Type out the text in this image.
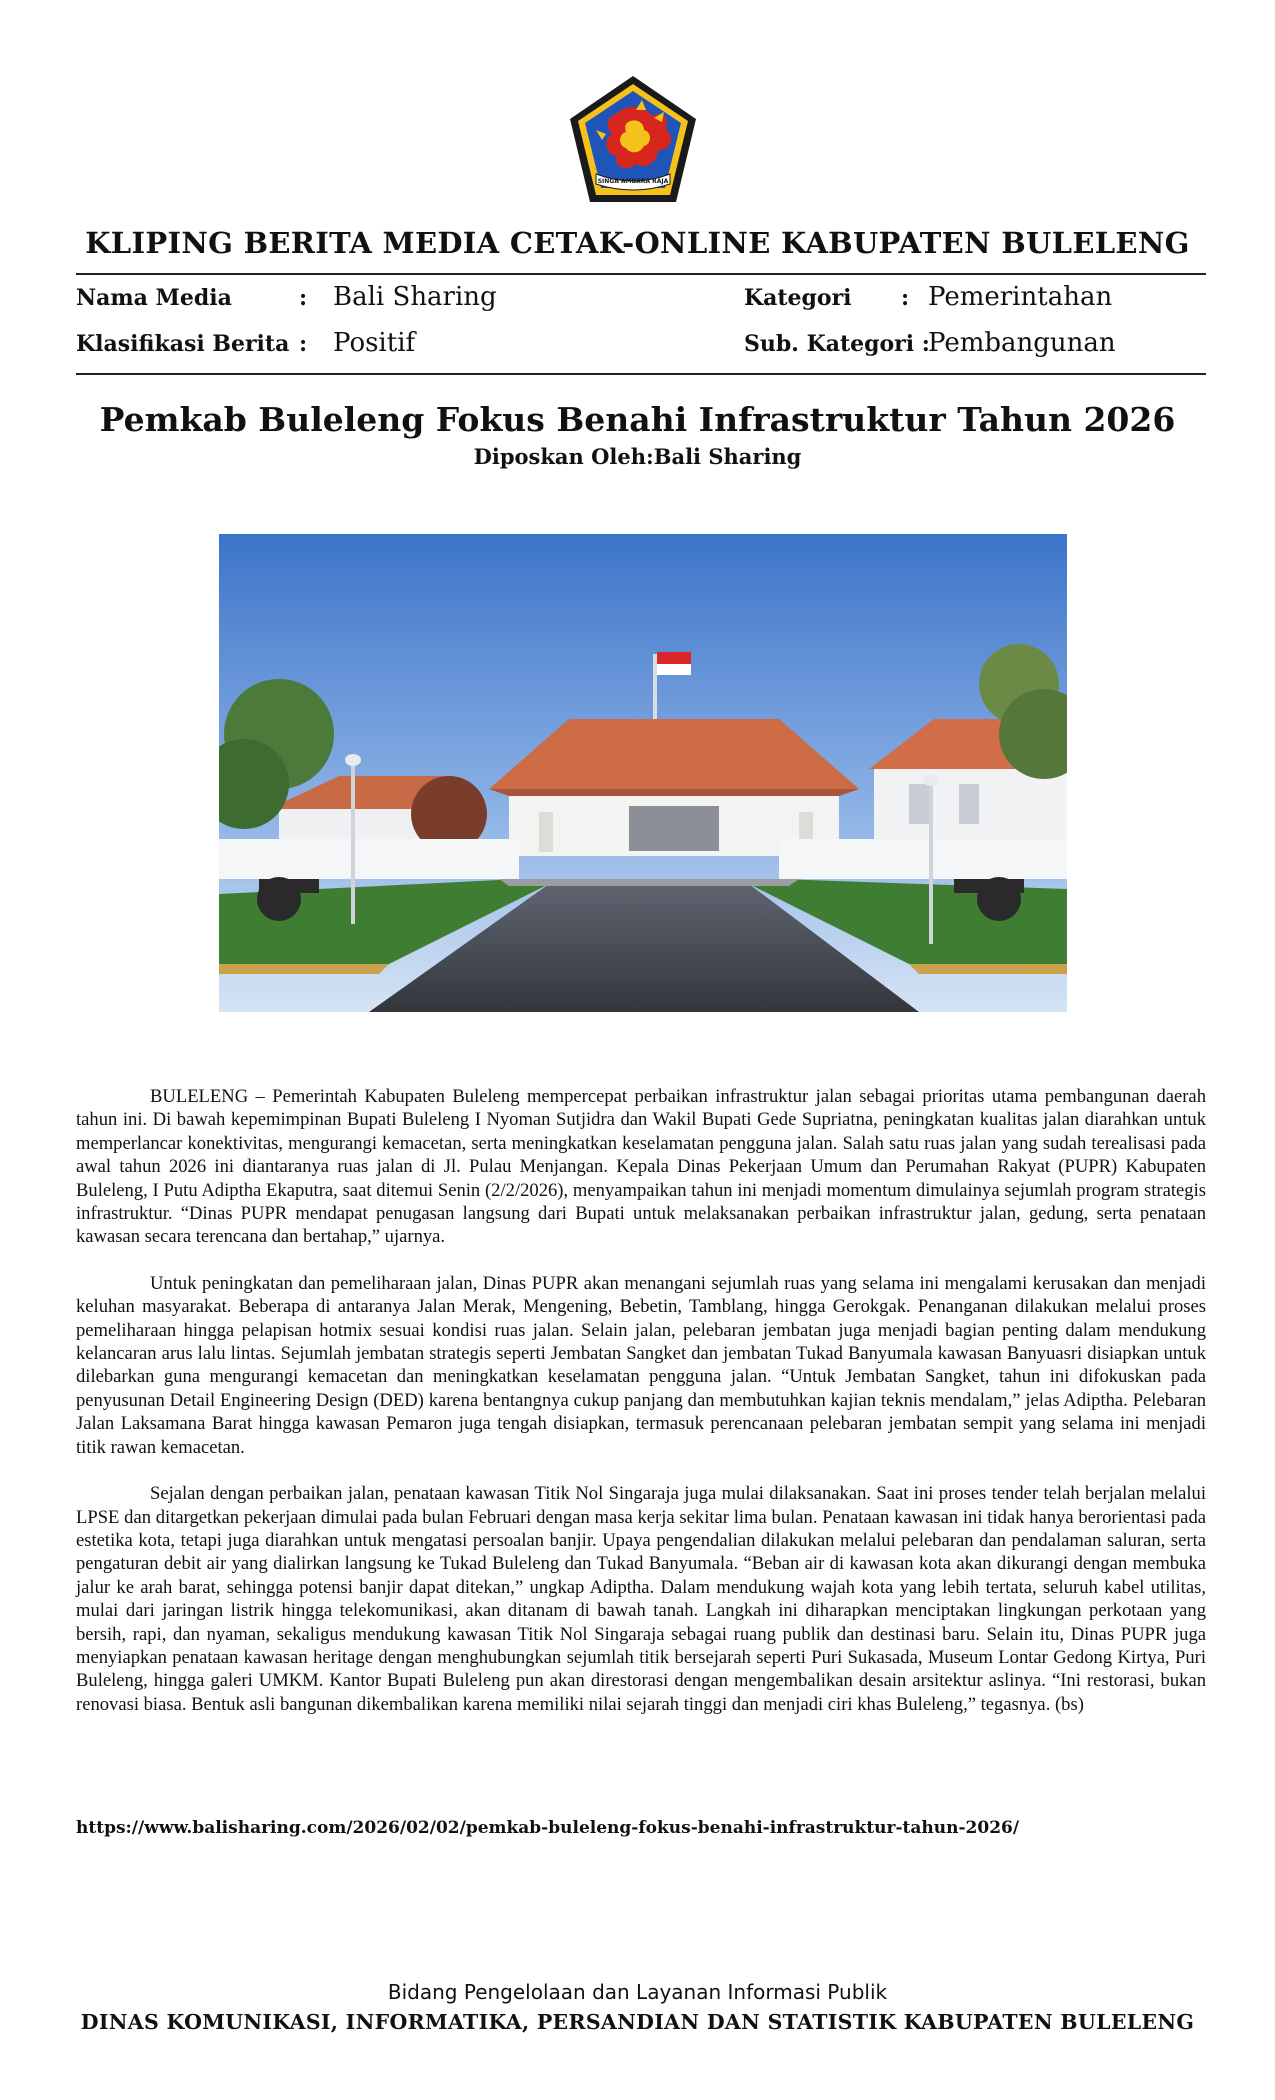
SINGA AMBARA RAJA
KLIPING BERITA MEDIA CETAK-ONLINE KABUPATEN BULELENG
Nama Media	: Bali Sharing
Klasifikasi Berita : Positif
Kategori : Pemerintahan
Sub. Kategori :
Pembangunan
Pemkab Buleleng Fokus Benahi Infrastruktur Tahun 2026
Diposkan Oleh:Bali Sharing

BULELENG – Pemerintah Kabupaten Buleleng mempercepat perbaikan infrastruktur jalan sebagai prioritas utama pembangunan daerah tahun ini. Di bawah kepemimpinan Bupati Buleleng I Nyoman Sutjidra dan Wakil Bupati Gede Supriatna, peningkatan kualitas jalan diarahkan untuk memperlancar konektivitas, mengurangi kemacetan, serta meningkatkan keselamatan pengguna jalan. Salah satu ruas jalan yang sudah terealisasi pada awal tahun 2026 ini diantaranya ruas jalan di Jl. Pulau Menjangan. Kepala Dinas Pekerjaan Umum dan Perumahan Rakyat (PUPR) Kabupaten Buleleng, I Putu Adiptha Ekaputra, saat ditemui Senin (2/2/2026), menyampaikan tahun ini menjadi momentum dimulainya sejumlah program strategis infrastruktur. “Dinas PUPR mendapat penugasan langsung dari Bupati untuk melaksanakan perbaikan infrastruktur jalan, gedung, serta penataan kawasan secara terencana dan bertahap,” ujarnya.

Untuk peningkatan dan pemeliharaan jalan, Dinas PUPR akan menangani sejumlah ruas yang selama ini mengalami kerusakan dan menjadi keluhan masyarakat. Beberapa di antaranya Jalan Merak, Mengening, Bebetin, Tamblang, hingga Gerokgak. Penanganan dilakukan melalui proses pemeliharaan hingga pelapisan hotmix sesuai kondisi ruas jalan. Selain jalan, pelebaran jembatan juga menjadi bagian penting dalam mendukung kelancaran arus lalu lintas. Sejumlah jembatan strategis seperti Jembatan Sangket dan jembatan Tukad Banyumala kawasan Banyuasri disiapkan untuk dilebarkan guna mengurangi kemacetan dan meningkatkan keselamatan pengguna jalan. “Untuk Jembatan Sangket, tahun ini difokuskan pada penyusunan Detail Engineering Design (DED) karena bentangnya cukup panjang dan membutuhkan kajian teknis mendalam,” jelas Adiptha. Pelebaran Jalan Laksamana Barat hingga kawasan Pemaron juga tengah disiapkan, termasuk perencanaan pelebaran jembatan sempit yang selama ini menjadi titik rawan kemacetan.

Sejalan dengan perbaikan jalan, penataan kawasan Titik Nol Singaraja juga mulai dilaksanakan. Saat ini proses tender telah berjalan melalui LPSE dan ditargetkan pekerjaan dimulai pada bulan Februari dengan masa kerja sekitar lima bulan. Penataan kawasan ini tidak hanya berorientasi pada estetika kota, tetapi juga diarahkan untuk mengatasi persoalan banjir. Upaya pengendalian dilakukan melalui pelebaran dan pendalaman saluran, serta pengaturan debit air yang dialirkan langsung ke Tukad Buleleng dan Tukad Banyumala. “Beban air di kawasan kota akan dikurangi dengan membuka jalur ke arah barat, sehingga potensi banjir dapat ditekan,” ungkap Adiptha. Dalam mendukung wajah kota yang lebih tertata, seluruh kabel utilitas, mulai dari jaringan listrik hingga telekomunikasi, akan ditanam di bawah tanah. Langkah ini diharapkan menciptakan lingkungan perkotaan yang bersih, rapi, dan nyaman, sekaligus mendukung kawasan Titik Nol Singaraja sebagai ruang publik dan destinasi baru. Selain itu, Dinas PUPR juga menyiapkan penataan kawasan heritage dengan menghubungkan sejumlah titik bersejarah seperti Puri Sukasada, Museum Lontar Gedong Kirtya, Puri Buleleng, hingga galeri UMKM. Kantor Bupati Buleleng pun akan direstorasi dengan mengembalikan desain arsitektur aslinya. “Ini restorasi, bukan renovasi biasa. Bentuk asli bangunan dikembalikan karena memiliki nilai sejarah tinggi dan menjadi ciri khas Buleleng,” tegasnya. (bs)

https://www.balisharing.com/2026/02/02/pemkab-buleleng-fokus-benahi-infrastruktur-tahun-2026/
Bidang Pengelolaan dan Layanan Informasi Publik
DINAS KOMUNIKASI, INFORMATIKA, PERSANDIAN DAN STATISTIK KABUPATEN BULELENG
